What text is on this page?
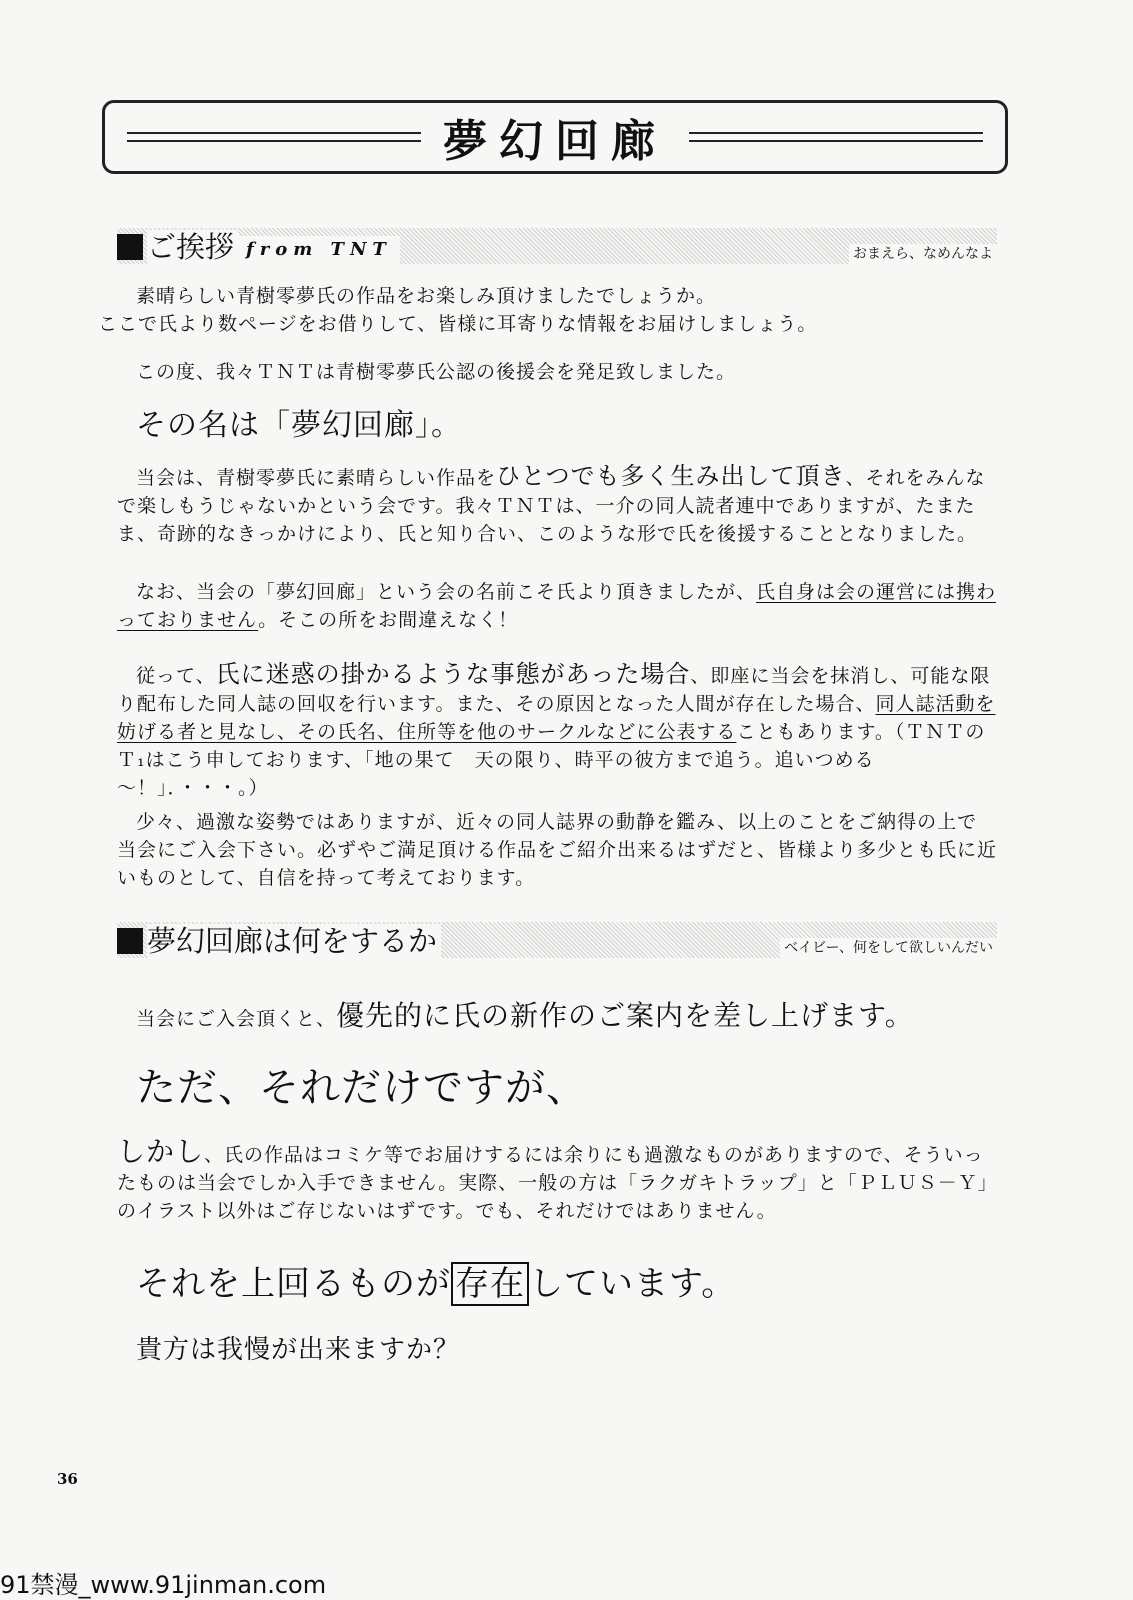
夢幻回廊
ご挨拶 from TNT	おまえら、なめんなよ

素晴らしい青樹零夢氏の作品をお楽しみ頂けましたでしょうか。
ここで氏より数ページをお借りして、皆様に耳寄りな情報をお届けしましょう。

この度、我々ＴＮＴは青樹零夢氏公認の後援会を発足致しました。

その名は「夢幻回廊」。

当会は、青樹零夢氏に素晴らしい作品をひとつでも多く生み出して頂き、それをみんなで楽しもうじゃないかという会です。我々ＴＮＴは、一介の同人読者連中でありますが、たまたま、奇跡的なきっかけにより、氏と知り合い、このような形で氏を後援することとなりました。

なお、当会の「夢幻回廊」という会の名前こそ氏より頂きましたが、氏自身は会の運営には携わっておりません。そこの所をお間違えなく！

従って、氏に迷惑の掛かるような事態があった場合、即座に当会を抹消し、可能な限り配布した同人誌の回収を行います。また、その原因となった人間が存在した場合、同人誌活動を妨げる者と見なし、その氏名、住所等を他のサークルなどに公表することもあります。（ＴＮＴのＴ₁はこう申しております、「地の果て　天の限り、時平の彼方まで追う。追いつめる～！」．・・・。）

少々、過激な姿勢ではありますが、近々の同人誌界の動静を鑑み、以上のことをご納得の上で当会にご入会下さい。必ずやご満足頂ける作品をご紹介出来るはずだと、皆様より多少とも氏に近いものとして、自信を持って考えております。

夢幻回廊は何をするか	ベイビー、何をして欲しいんだい

当会にご入会頂くと、優先的に氏の新作のご案内を差し上げます。

ただ、それだけですが、

しかし、氏の作品はコミケ等でお届けするには余りにも過激なものがありますので、そういったものは当会でしか入手できません。実際、一般の方は「ラクガキトラップ」と「ＰＬＵＳ－Ｙ」のイラスト以外はご存じないはずです。でも、それだけではありません。

それを上回るものが 存在 しています。

貴方は我慢が出来ますか？

36
91禁漫_www.91jinman.com
